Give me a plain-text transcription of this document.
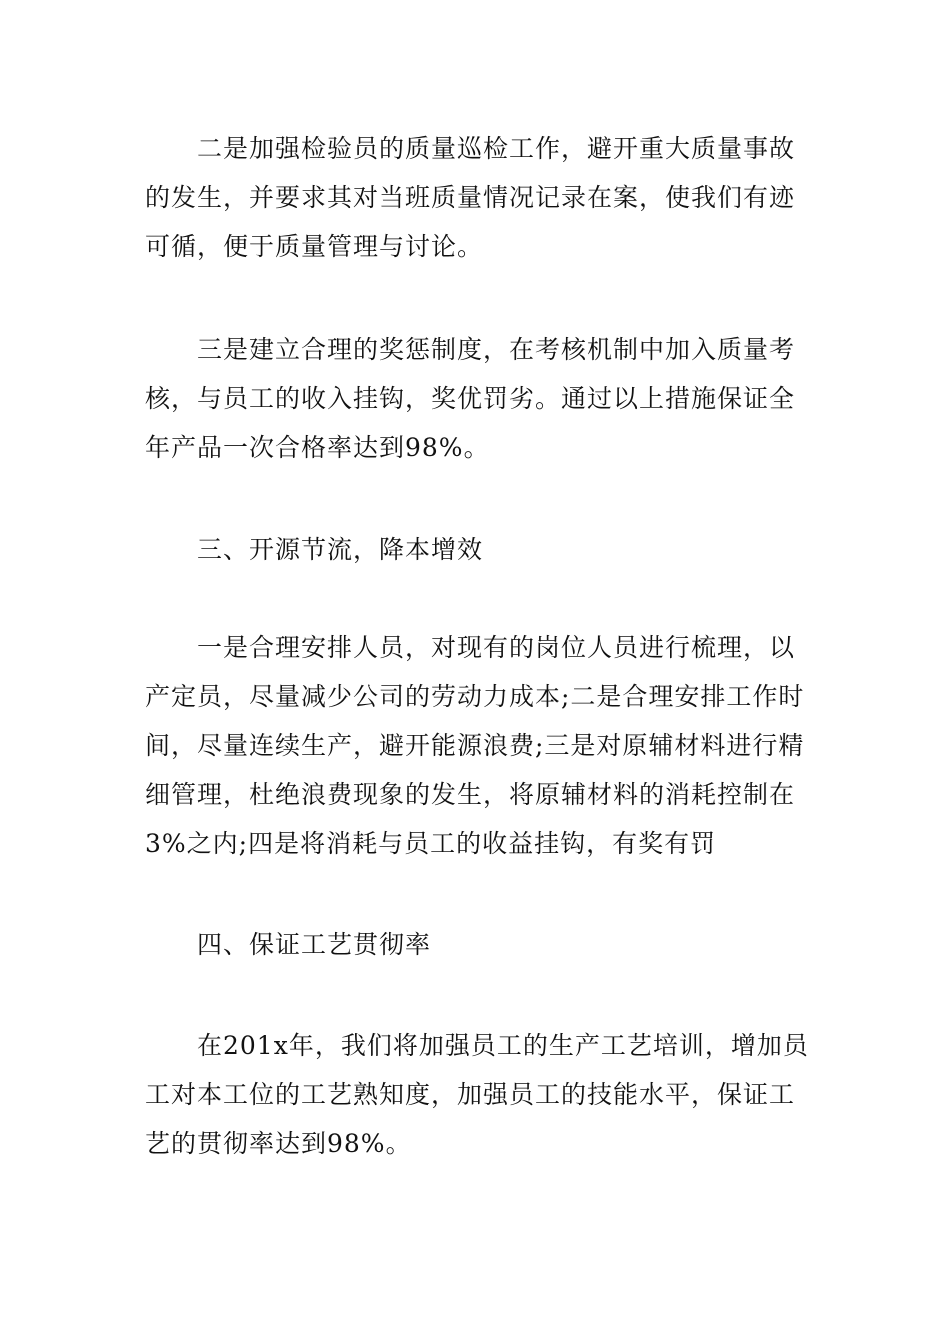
二是加强检验员的质量巡检工作，避开重大质量事故
的发生，并要求其对当班质量情况记录在案，使我们有迹
可循，便于质量管理与讨论。

三是建立合理的奖惩制度，在考核机制中加入质量考
核，与员工的收入挂钩，奖优罚劣。通过以上措施保证全
年产品一次合格率达到98%。

三、开源节流，降本增效

一是合理安排人员，对现有的岗位人员进行梳理，以
产定员，尽量减少公司的劳动力成本;二是合理安排工作时
间，尽量连续生产，避开能源浪费;三是对原辅材料进行精
细管理，杜绝浪费现象的发生，将原辅材料的消耗控制在
3%之内;四是将消耗与员工的收益挂钩，有奖有罚

四、保证工艺贯彻率

在201x年，我们将加强员工的生产工艺培训，增加员
工对本工位的工艺熟知度，加强员工的技能水平，保证工
艺的贯彻率达到98%。
